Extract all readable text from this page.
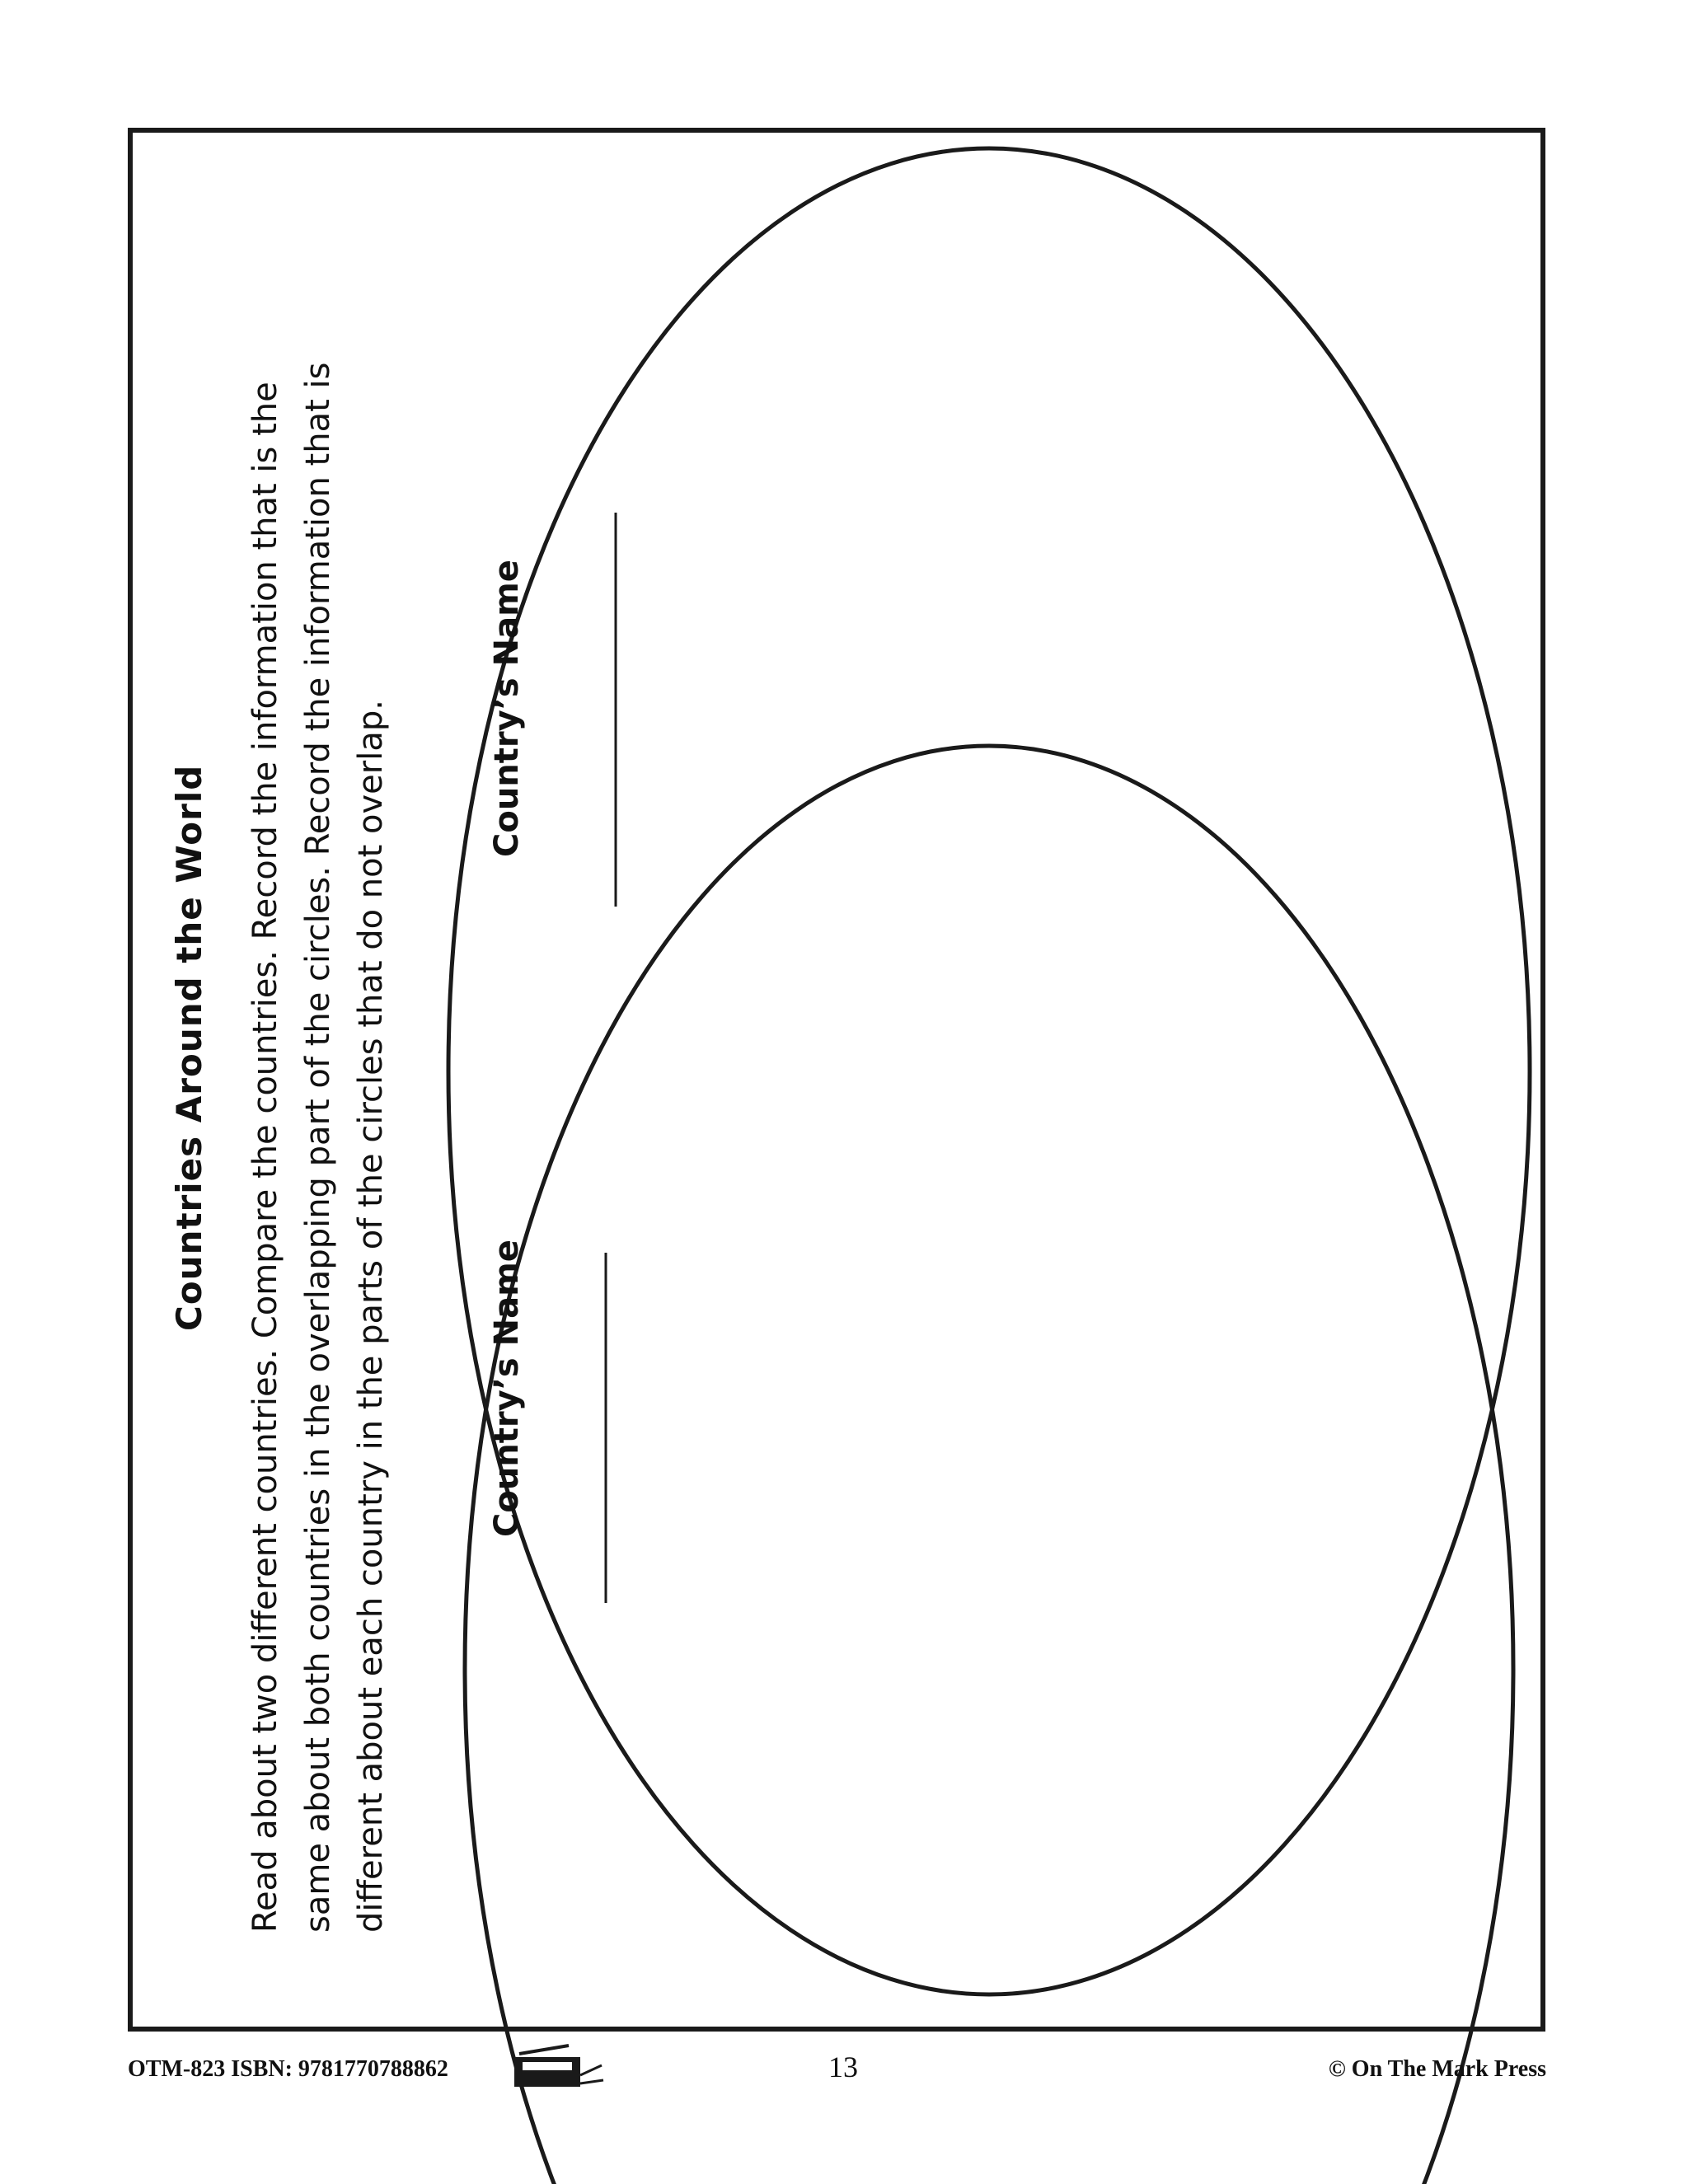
Countries Around the World Read about two different countries. Compare the countries. Record the information that is the same about both countries in the overlapping part of the circles. Record the information that is different about each country in the parts of the circles that do not overlap.	Country’s Name
Country’s Name
OTM-823 ISBN: 9781770788862	13	© On The Mark Press
